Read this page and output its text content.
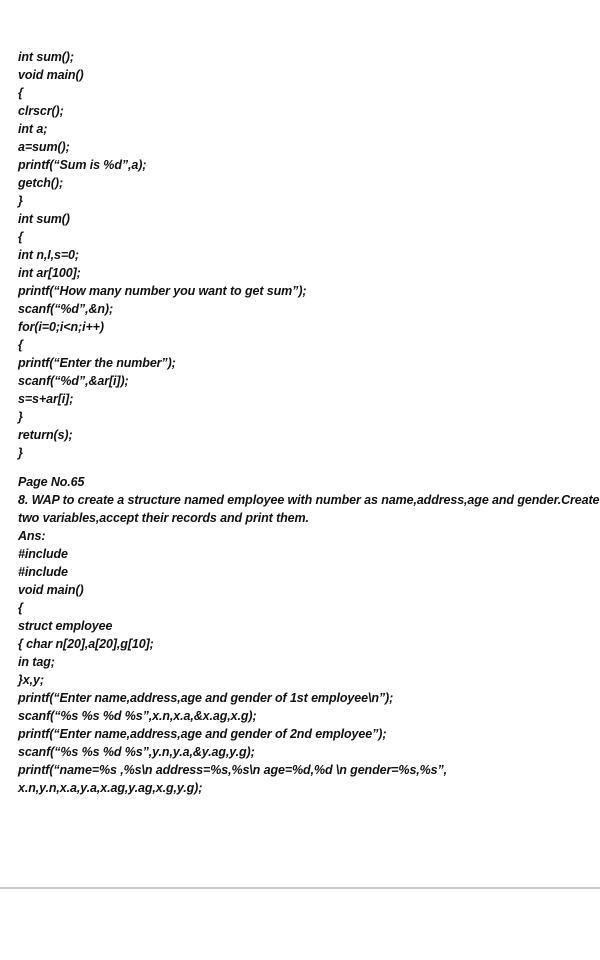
int sum();
void main()
{
clrscr();
int a;
a=sum();
printf(“Sum is %d”,a);
getch();
}
int sum()
{
int n,I,s=0;
int ar[100];
printf(“How many number you want to get sum”);
scanf(“%d”,&n);
for(i=0;i<n;i++)
{
printf(“Enter the number”);
scanf(“%d”,&ar[i]);
s=s+ar[i];
}
return(s);
}
Page No.65
8. WAP to create a structure named employee with number as name,address,age and gender.Create
two variables,accept their records and print them.
Ans:
#include
#include
void main()
{
struct employee
{ char n[20],a[20],g[10];
in tag;
}x,y;
printf(“Enter name,address,age and gender of 1st employee\n”);
scanf(“%s %s %d %s”,x.n,x.a,&x.ag,x.g);
printf(“Enter name,address,age and gender of 2nd employee”);
scanf(“%s %s %d %s”,y.n,y.a,&y.ag,y.g);
printf(“name=%s ,%s\n address=%s,%s\n age=%d,%d \n gender=%s,%s”,
x.n,y.n,x.a,y.a,x.ag,y.ag,x.g,y.g);
